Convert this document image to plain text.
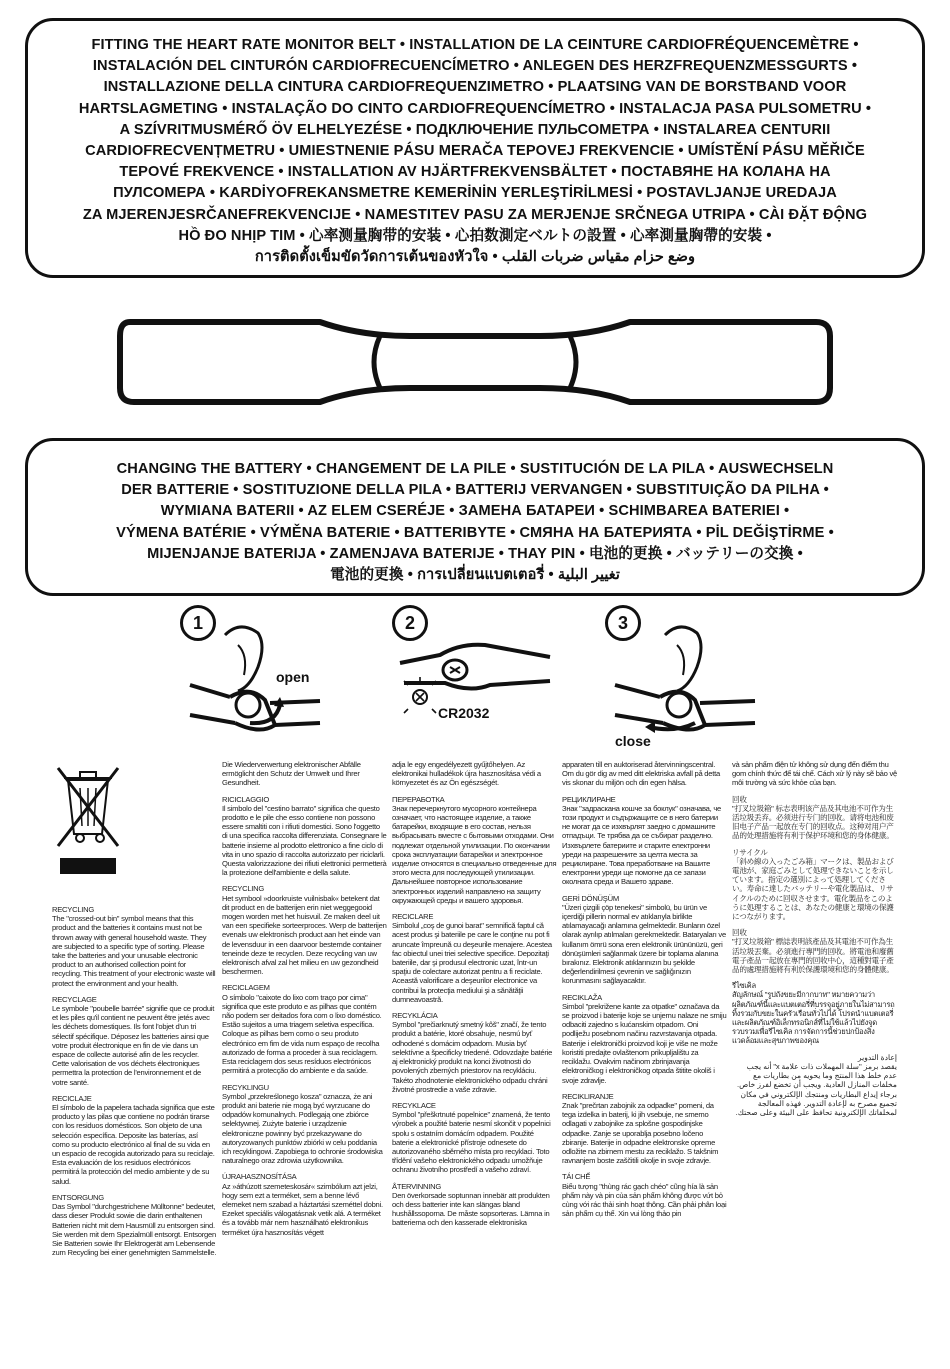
FITTING THE HEART RATE MONITOR BELT • INSTALLATION DE LA CEINTURE CARDIOFRÉQUENCEMÈTRE •
INSTALACIÓN DEL CINTURÓN CARDIOFRECUENCÍMETRO • ANLEGEN DES HERZFREQUENZMESSGURTS •
INSTALLAZIONE DELLA CINTURA CARDIOFREQUENZIMETRO • PLAATSING VAN DE BORSTBAND VOOR
HARTSLAGMETING • INSTALAÇÃO DO CINTO CARDIOFREQUENCÍMETRO • INSTALACJA PASA PULSOMETRU •
A SZÍVRITMUSMÉRŐ ÖV ELHELYEZÉSE • ПОДКЛЮЧЕНИЕ ПУЛЬСОМЕТРА • INSTALAREA CENTURII
CARDIOFRECVENȚMETRU • UMIESTNENIE PÁSU MERAČA TEPOVEJ FREKVENCIE • UMÍSTĚNÍ PÁSU MĚŘIČE
TEPOVÉ FREKVENCE • INSTALLATION AV HJÄRTFREKVENSBÄLTET • ПОСТАВЯНЕ НА КОЛАНА НА
ПУЛСОМЕРА • KARDİYOFREKANSMETRE KEMERİNİN YERLEŞTİRİLMESİ • POSTAVLJANJE UREDAJA
ZA MJERENJESRČANEFREKVENCIJE • NAMESTITEV PASU ZA MERJENJE SRČNEGA UTRIPA • CÀI ĐẶT ĐỘNG
HỒ ĐO NHỊP TIM • 心率测量胸带的安装 • 心拍数測定ベルトの設置 • 心率測量胸帶的安裝 •
การติดตั้งเข็มขัดวัดการเต้นของหัวใจ • وضع حزام مقياس ضربات القلب
CHANGING THE BATTERY • CHANGEMENT DE LA PILE • SUSTITUCIÓN DE LA PILA • AUSWECHSELN
DER BATTERIE • SOSTITUZIONE DELLA PILA • BATTERIJ VERVANGEN • SUBSTITUIÇÃO DA PILHA •
WYMIANA BATERII • AZ ELEM CSERÉJE • ЗАМЕНА БАТАРЕИ • SCHIMBAREA BATERIEI •
VÝMENA BATÉRIE • VÝMĚNA BATERIE • BATTERIBYTE • СМЯНА НА БАТЕРИЯТА • PİL DEĞİŞTİRME •
MIJENJANJE BATERIJA • ZAMENJAVA BATERIJE • THAY PIN • 电池的更换 • バッテリーの交換 •
電池的更換 • การเปลี่ยนแบตเตอรี่ • تغيير البلية
1
open
2
CR2032
3
close
RECYCLING
The "crossed-out bin" symbol means that this product and the batteries it contains must not be thrown away with general household waste. They are subjected to a specific type of sorting. Please take the batteries and your unusable electronic product to an authorised collection point for recycling. This treatment of your electronic waste will protect the environment and your health.
RECYCLAGE
Le symbole "poubelle barrée" signifie que ce produit et les piles qu'il contient ne peuvent être jetés avec les déchets domestiques. Ils font l'objet d'un tri sélectif spécifique. Déposez les batteries ainsi que votre produit électronique en fin de vie dans un espace de collecte autorisé afin de les recycler. Cette valorisation de vos déchets électroniques permettra la protection de l'environnement et de votre santé.
RECICLAJE
El símbolo de la papelera tachada significa que este producto y las pilas que contiene no podrán tirarse con los residuos domésticos. Son objeto de una selección específica. Deposite las baterías, así como su producto electrónico al final de su vida en un espacio de recogida autorizado para su reciclaje. Esta evaluación de los residuos electrónicos permitirá la protección del medio ambiente y de su salud.
ENTSORGUNG
Das Symbol "durchgestrichene Mülltonne" bedeutet, dass dieser Produkt sowie die darin enthaltenen Batterien nicht mit dem Hausmüll zu entsorgen sind. Sie werden mit dem Spezialmüll entsorgt. Entsorgen Sie Batterien sowie Ihr Elektrogerät am Lebensende zum Recycling bei einer genehmigten Sammelstelle.
Die Wiederverwertung elektronischer Abfälle ermöglicht den Schutz der Umwelt und Ihrer Gesundheit.
RICICLAGGIO
Il simbolo del "cestino barrato" significa che questo prodotto e le pile che esso contiene non possono essere smaltiti con i rifiuti domestici. Sono l'oggetto di una specifica raccolta differenziata. Consegnare le batterie insieme al prodotto elettronico a fine ciclo di vita in uno spazio di raccolta autorizzato per riciclarli. Questa valorizzazione dei rifiuti elettronici permetterà la protezione dell'ambiente e della salute.
RECYCLING
Het symbool »doorkruiste vuilnisbak« betekent dat dit product en de batterijen erin niet weggegooid mogen worden met het huisvuil. Ze maken deel uit van een specifieke sorteerproces. Werp de batterijen evenals uw elektronisch product aan het einde van de levensduur in een daarvoor bestemde container teneinde deze te recyclen. Deze recycling van uw elektronisch afval zal het milieu en uw gezondheid beschermen.
RECICLAGEM
O símbolo "caixote do lixo com traço por cima" significa que este produto e as pilhas que contém não podem ser deitados fora com o lixo doméstico. Estão sujeitos a uma triagem seletiva específica. Coloque as pilhas bem como o seu produto electrónico em fim de vida num espaço de recolha autorizado de forma a proceder à sua reciclagem. Esta reciclagem dos seus resíduos electrónicos permitirá a protecção do ambiente e da saúde.
RECYKLINGU
Symbol „przekreślonego kosza" oznacza, że ani produkt ani baterie nie mogą być wyrzucane do odpadów komunalnych. Podlegają one zbiórce selektywnej. Zużyte baterie i urządzenie elektroniczne powinny być przekazywane do autoryzowanych punktów zbiórki w celu poddania ich recyklingowi. Zapobiega to ochronie środowiska naturalnego oraz zdrowia użytkownika.
ÚJRAHASZNOSÍTÁSA
Az »áthúzott szemeteskosár« szimbólum azt jelzi, hogy sem ezt a terméket, sem a benne lévő elemeket nem szabad a háztartási szeméttel dobni. Ezeket speciális válogatásnak vetik alá. A terméket és a tovább már nem használható elektronikus terméket újra hasznosítás végett
adja le egy engedélyezett gyűjtőhelyen. Az elektronikai hulladékok újra hasznosítása védi a környezetet és az Ön egészségét.
ПЕРЕРАБОТКА
Знак перечеркнутого мусорного контейнера означает, что настоящее изделие, а также батарейки, входящие в его состав, нельзя выбрасывать вместе с бытовыми отходами. Они подлежат отдельной утилизации. По окончании срока эксплуатации батарейки и электронное изделие относятся в специально отведенные для этого места для последующей утилизации. Дальнейшее повторное использование электронных изделий направлено на защиту окружающей среды и вашего здоровья.
RECICLARE
Simbolul „coş de gunoi barat" semnifică faptul că acest produs şi bateriile pe care le conţine nu pot fi aruncate împreună cu deşeurile menajere. Acestea fac obiectul unei triei selective specifice. Depozitaţi bateriile, dar şi produsul electronic uzat, într-un spaţiu de colectare autorizat pentru a fi reciclate. Această valorificare a deşeurilor electronice va contribui la protecţia mediului şi a sănătăţii dumneavoastră.
RECYKLÁCIA
Symbol "prečiarknutý smetný kôš" značí, že tento produkt a batérie, ktoré obsahuje, nesmú byť odhodené s domácim odpadom. Musia byť selektívne a špecificky triedené. Odovzdajte batérie aj elektronický produkt na konci životnosti do povolených zberných priestorov na recykláciu. Takéto zhodnotenie elektronického odpadu chráni životné prostredie a vaše zdravie.
RECYKLACE
Symbol "přeškrtnuté popelnice" znamená, že tento výrobek a použité baterie nesmí skončit v popelnici spolu s ostatním domácím odpadem. Použité baterie a elektronické přístroje odnesete do autorizovaného sběrného místa pro recyklaci. Toto třídění vašeho elektronického odpadu umožňuje ochranu životního prostředí a vašeho zdraví.
ÅTERVINNING
Den överkorsade soptunnan innebär att produkten och dess batterier inte kan slängas bland hushållssoporna. De måste sopsorteras. Lämna in batterierna och den kasserade elektroniska
apparaten till en auktoriserad återvinningscentral. Om du gör dig av med ditt elektriska avfall på detta vis skonar du miljön och din egen hälsa.
РЕЦИКЛИРАНЕ
Знак "задраскана кошче за боклук" означава, че този продукт и съдържащите се в него батерии не могат да се изхвърлят заедно с домашните отпадъци. Те трябва да се събират разделно. Изхвърлете батериите и старите електронни уреди на разрешените за целта места за рециклиране. Това преработване на Вашите електронни уреди ще помогне да се запази околната среда и Вашето здраве.
GERİ DÖNÜŞÜM
"Üzeri çizgili çöp tenekesi" simbolü, bu ürün ve içerdiği pillerin normal ev atıklarıyla birlikte atılamayacağı anlamına gelmektedir. Bunların özel olarak ayrılıp atılmaları gerekmektedir. Bataryaları ve kullanım ömrü sona eren elektronik ürününüzü, geri dönüşümleri sağlanmak üzere bir toplama alanına bırakınız. Elektronik atıklarınızın bu şekilde değerlendirilmesi çevrenin ve sağlığınızın korunmasını sağlayacaktır.
RECIKLAŽA
Simbol "prekrižene kante za otpatke" označava da se proizvod i baterije koje se unjemu nalaze ne smiju odbaciti zajedno s kućanskim otpadom. Oni podliježu posebnom načinu razvrstavanja otpada. Baterije i elektronički proizvod koji je više ne može koristiti predajte ovlaštenom prikupljalištu za reciklažu. Ovakvim načinom zbrinjavanja elektroničkog i elektroničkog otpada štitite okoliš i svoje zdravlje.
RECIKLIRANJE
Znak "prečrtan zabojnik za odpadke" pomeni, da tega izdelka in baterij, ki jih vsebuje, ne smemo odlagati v zabojnike za splošne gospodinjske odpadke. Zanje se uporablja posebno ločeno zbiranje. Baterije in odpadne elektronske opreme odložite na zbirnem mestu za reciklažo. S takšnim ravnanjem boste zaščitili okolje in svoje zdravje.
TÁI CHẾ
Biểu tượng "thùng rác gạch chéo" cũng hía là sản phẩm này và pin của sản phẩm không được vứt bỏ cùng với rác thải sinh hoạt thông. Cần phải phân loại sản phẩm cụ thể. Xin vui lòng thảo pin
và sản phẩm điện tử không sử dụng đến điểm thu gom chính thức để tái chế. Cách xử lý này sẽ bảo vệ môi trường và sức khỏe của bạn.
回收
"打叉垃圾箱" 标志表明该产品及其电池不可作为生活垃圾丢弃。必须进行专门的回收。请将电池和废旧电子产品一起放在专门的回收点。这种对用户产品的处理措施将有利于保护环境和您的身体健康。
リサイクル
「斜め線の入ったごみ箱」マークは、製品および電池が、家庭ごみとして処理できないことを示しています。指定の選別によって処理してください。寿命に達したバッテリーや電化製品は、リサイクルのために回収させます。電化製品をこのように処理することは、あなたの健康と環境の保護につながります。
回收
"打叉垃圾箱" 標誌表明該產品及其電池不可作為生活垃圾丟棄。必須進行專門的回收。將電池和廢舊電子產品一起放在專門的回收中心，這種對電子產品的處理措施將有利於保護環境和您的身體健康。
รีไซเคิล
สัญลักษณ์ "รูปถังขยะมีกากบาท" หมายความว่า ผลิตภัณฑ์นี้และแบตเตอรี่ที่บรรจุอยู่ภายในไม่สามารถทิ้งรวมกับขยะในครัวเรือนทั่วไปได้ โปรดนำแบตเตอรี่และผลิตภัณฑ์อิเล็กทรอนิกส์ที่ไม่ใช้แล้วไปยังจุดรวบรวมเพื่อรีไซเคิล การจัดการนี้ช่วยปกป้องสิ่งแวดล้อมและสุขภาพของคุณ
إعادة التدوير
يقصد برمز "سلة المهملات ذات علامة x" أنه يجب عدم خلط هذا المنتج وما يحويه من بطاريات مع مخلفات المنازل العادية. ويجب أن تخضع لفرز خاص. برجاء إيداع البطاريات ومنتجك الإلكتروني في مكان تجميع مصرح به لإعادة التدوير. فهذه المعالجة لمخلفاتك الإلكترونية تحافظ على البيئة وعلى صحتك.
